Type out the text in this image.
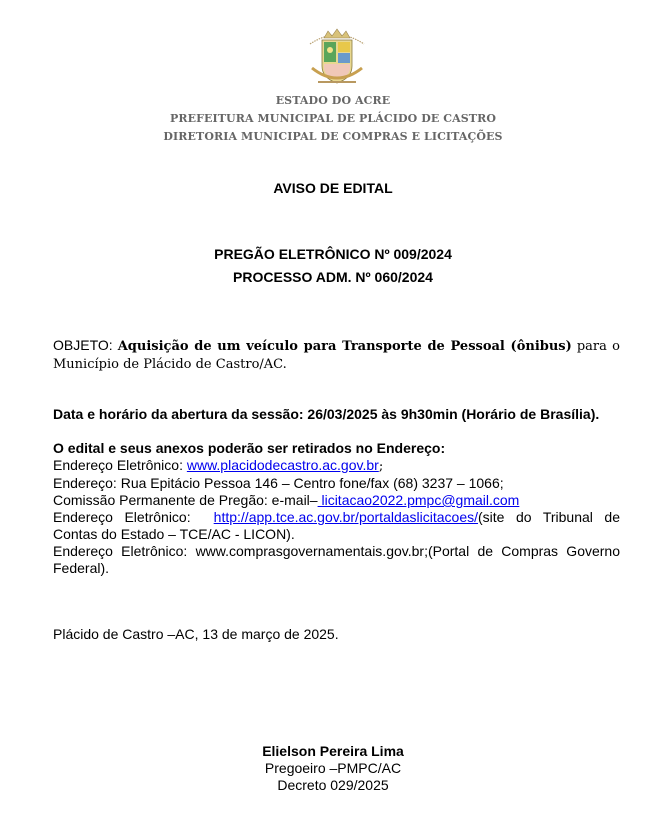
ESTADO DO ACRE
PREFEITURA MUNICIPAL DE PLÁCIDO DE CASTRO
DIRETORIA MUNICIPAL DE COMPRAS E LICITAÇÕES
AVISO DE EDITAL
PREGÃO ELETRÔNICO Nº 009/2024
PROCESSO ADM. Nº 060/2024
OBJETO: Aquisição de um veículo para Transporte de Pessoal (ônibus) para o
Município de Plácido de Castro/AC.
Data e horário da abertura da sessão: 26/03/2025 às 9h30min (Horário de Brasília).
O edital e seus anexos poderão ser retirados no Endereço:
Endereço Eletrônico: www.placidodecastro.ac.gov.br;
Endereço: Rua Epitácio Pessoa 146 – Centro fone/fax (68) 3237 – 1066;
Comissão Permanente de Pregão: e-mail– licitacao2022.pmpc@gmail.com
Endereço Eletrônico: http://app.tce.ac.gov.br/portaldaslicitacoes/(site do Tribunal de Contas do Estado – TCE/AC - LICON).
Endereço Eletrônico: www.comprasgovernamentais.gov.br;(Portal de Compras Governo Federal).
Plácido de Castro –AC, 13 de março de 2025.
Elielson Pereira Lima
Pregoeiro –PMPC/AC
Decreto 029/2025
